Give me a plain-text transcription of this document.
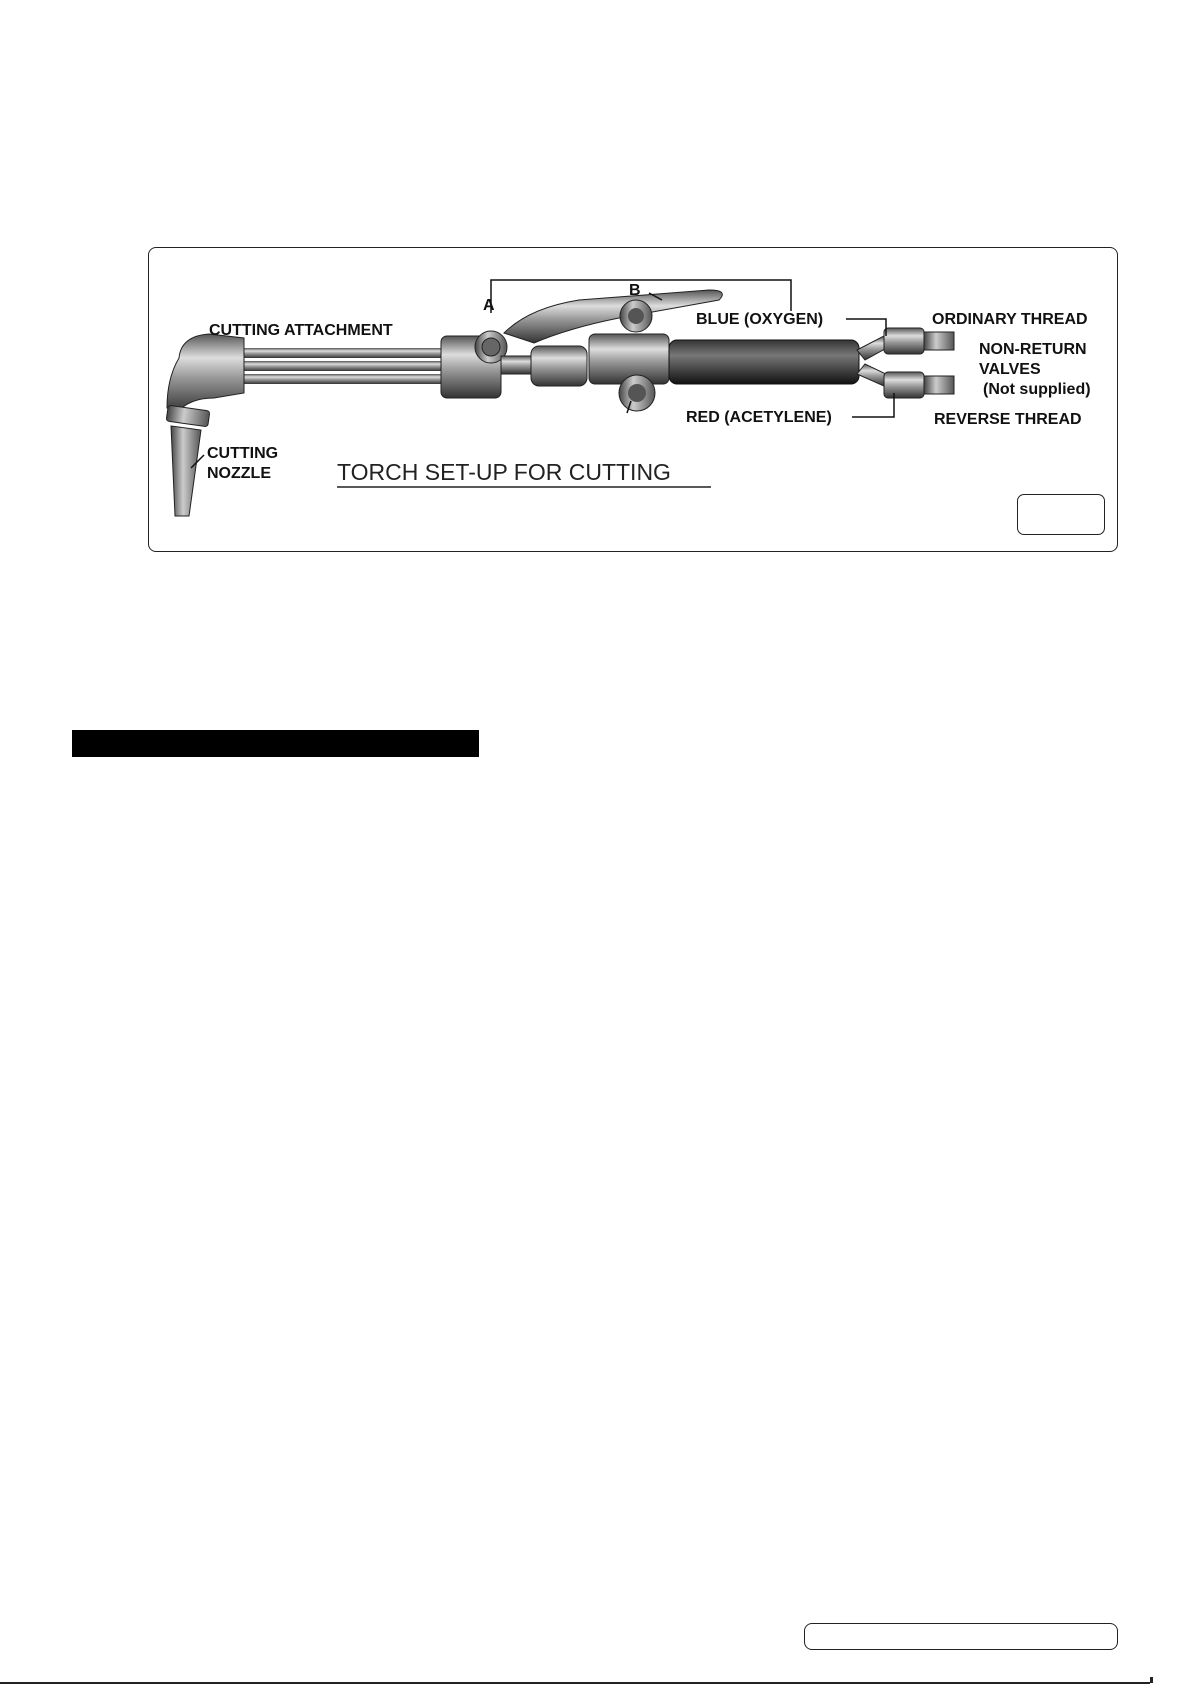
CUTTING ATTACHMENT
CUTTING
NOZZLE
A
B
BLUE (OXYGEN)
RED (ACETYLENE)
ORDINARY THREAD
NON-RETURN
VALVES
(Not supplied)
REVERSE THREAD
TORCH SET-UP FOR CUTTING
